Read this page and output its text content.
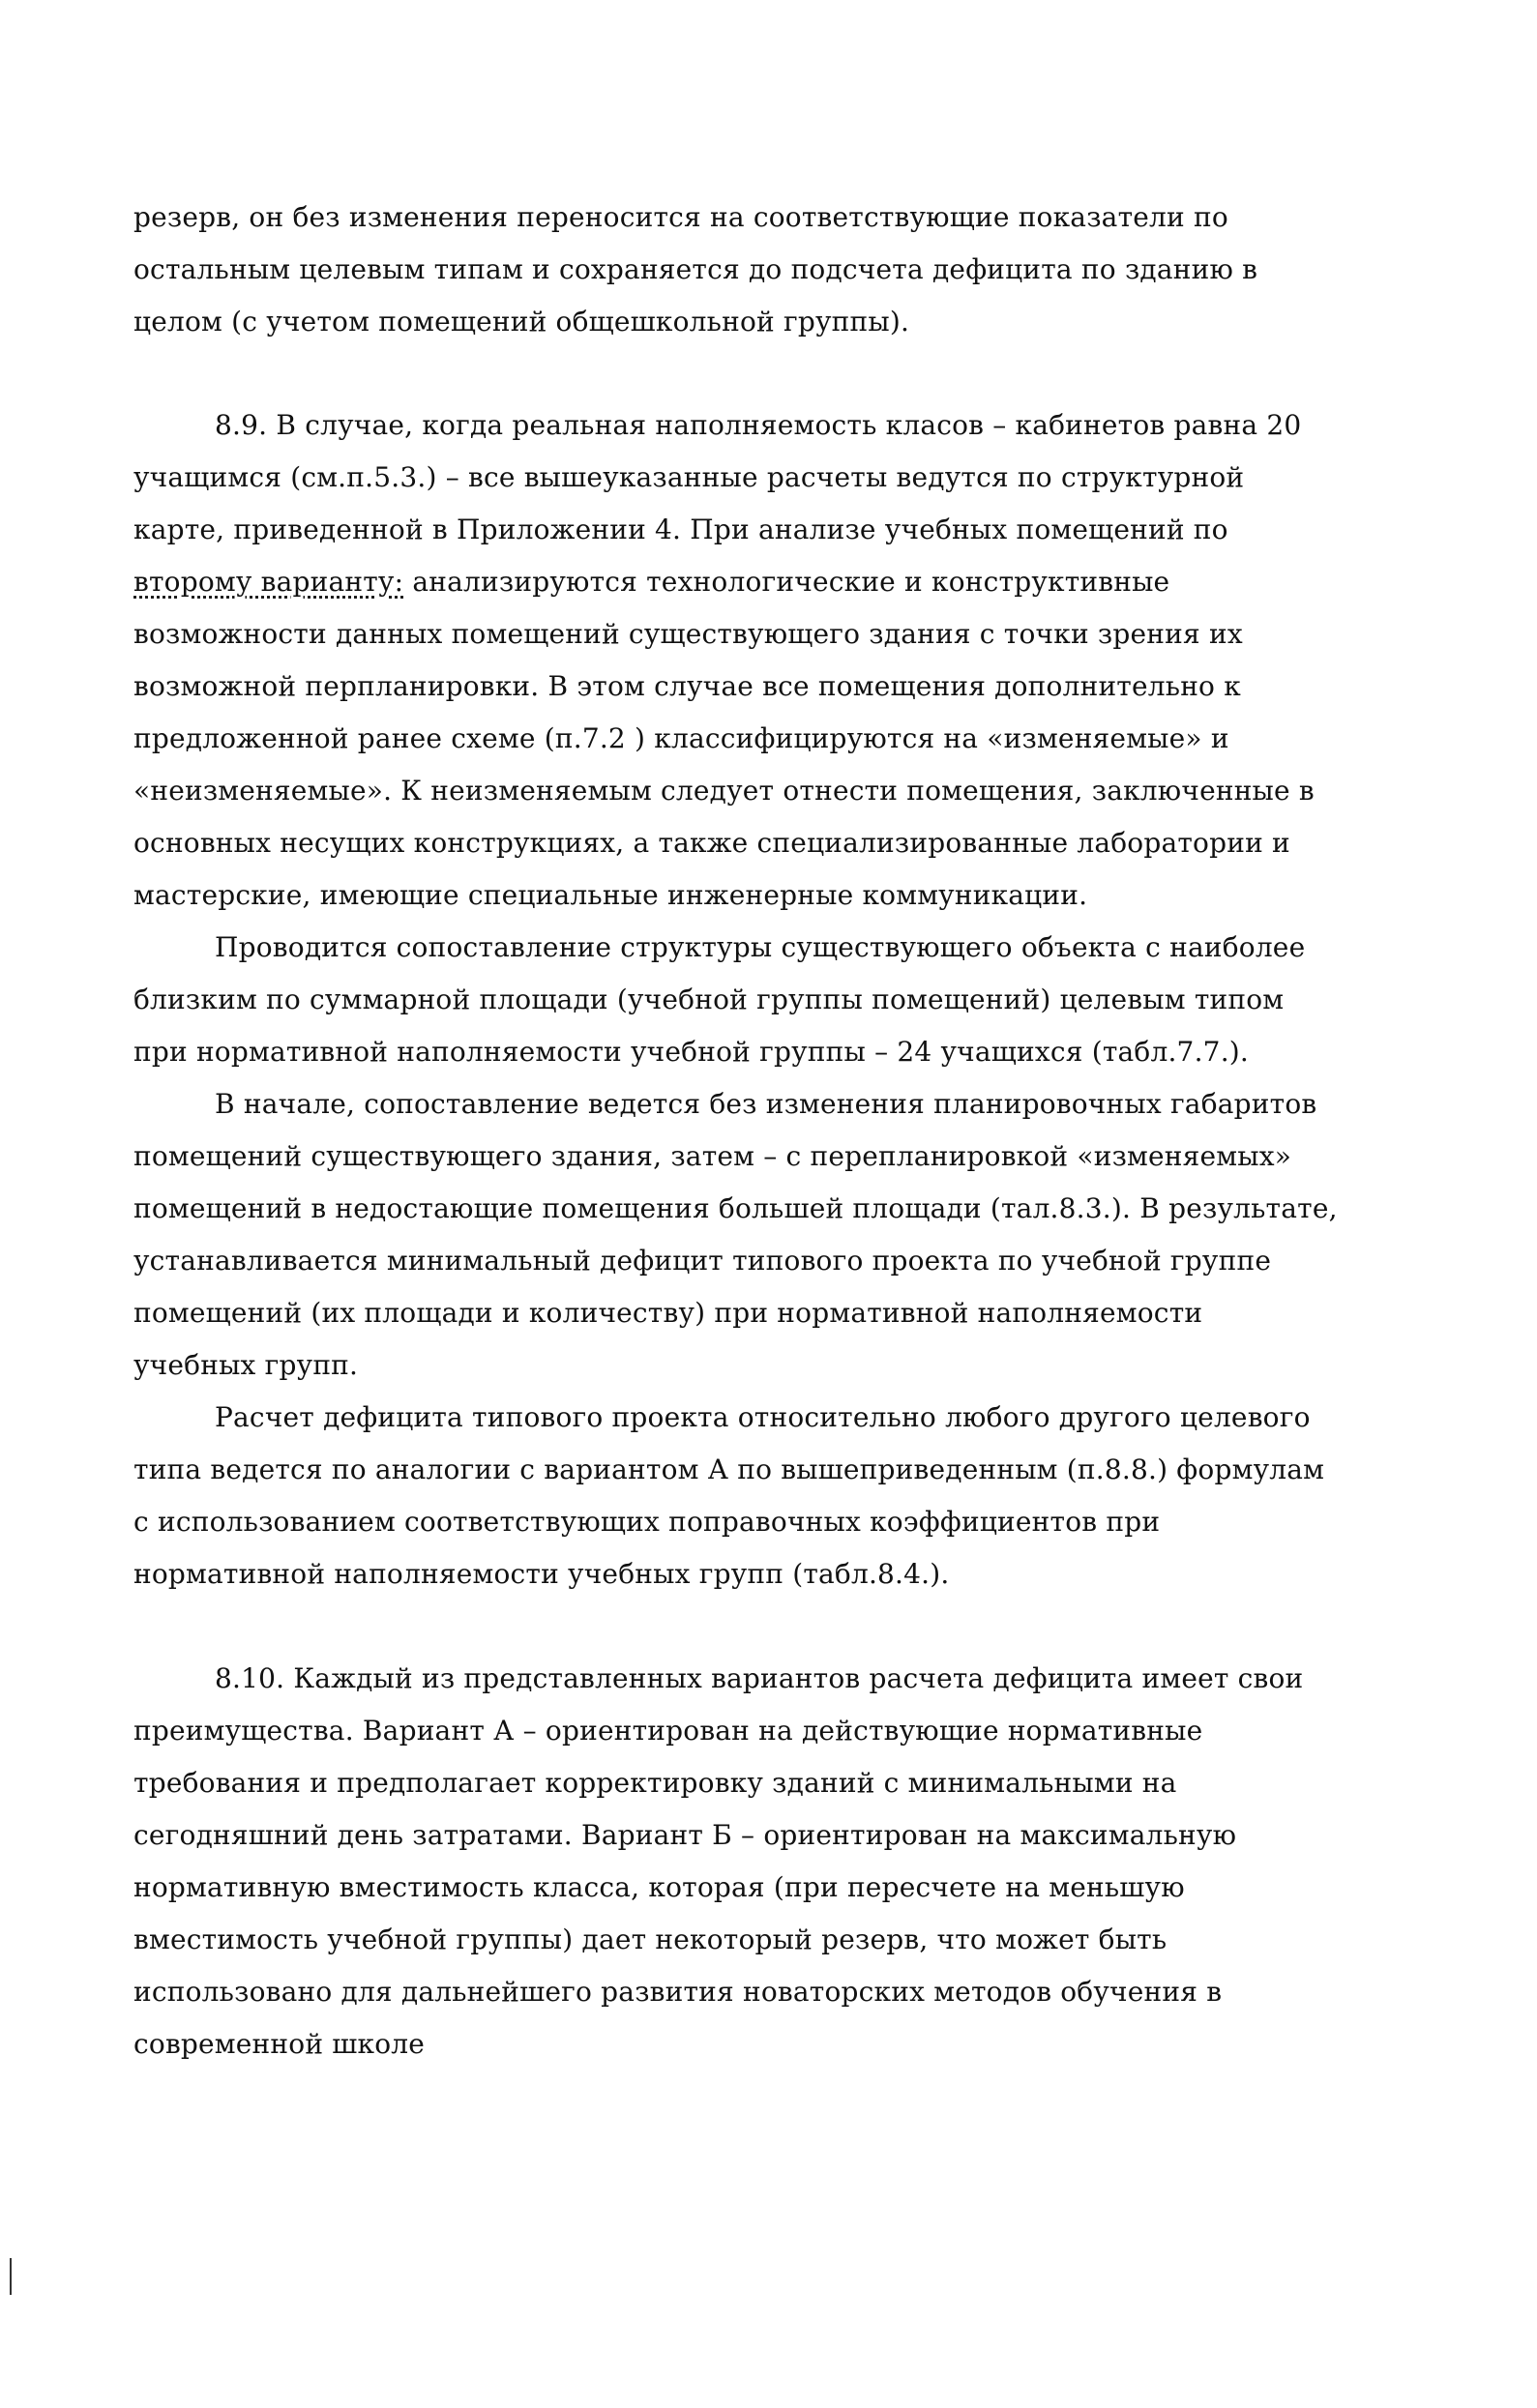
резерв, он без изменения переносится на соответствующие показатели по
остальным целевым типам и сохраняется до подсчета дефицита по зданию в
целом (с учетом помещений общешкольной группы).
8.9. В случае, когда реальная наполняемость класов – кабинетов равна 20
учащимся (см.п.5.3.) – все вышеуказанные расчеты ведутся по структурной
карте, приведенной в Приложении 4. При анализе учебных помещений по
второму варианту: анализируются технологические и конструктивные
возможности данных помещений существующего здания с точки зрения их
возможной перпланировки. В этом случае все помещения дополнительно к
предложенной ранее схеме (п.7.2 ) классифицируются на «изменяемые» и
«неизменяемые». К неизменяемым следует отнести помещения, заключенные в
основных несущих конструкциях, а также специализированные лаборатории и
мастерские, имеющие специальные инженерные коммуникации.
Проводится сопоставление структуры существующего объекта с наиболее
близким по суммарной площади (учебной группы помещений) целевым типом
при нормативной наполняемости учебной группы – 24 учащихся (табл.7.7.).
В начале, сопоставление ведется без изменения планировочных габаритов
помещений существующего здания, затем – с перепланировкой «изменяемых»
помещений в недостающие помещения большей площади (тал.8.3.). В результате,
устанавливается минимальный дефицит типового проекта по учебной группе
помещений (их площади и количеству) при нормативной наполняемости
учебных групп.
Расчет дефицита типового проекта относительно любого другого целевого
типа ведется по аналогии с вариантом А по вышеприведенным (п.8.8.) формулам
с использованием соответствующих поправочных коэффициентов при
нормативной наполняемости учебных групп (табл.8.4.).
8.10. Каждый из представленных вариантов расчета дефицита имеет свои
преимущества. Вариант А – ориентирован на действующие нормативные
требования и предполагает корректировку зданий с минимальными на
сегодняшний день затратами. Вариант Б – ориентирован на максимальную
нормативную вместимость класса, которая (при пересчете на меньшую
вместимость учебной группы) дает некоторый резерв, что может быть
использовано для дальнейшего развития новаторских методов обучения в
современной школе
